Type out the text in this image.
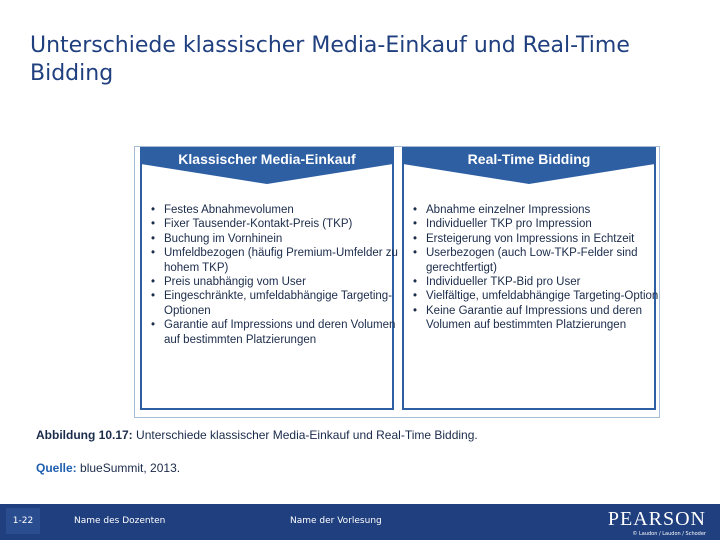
Unterschiede klassischer Media-Einkauf und Real-Time Bidding
Klassischer Media-Einkauf
• Festes Abnahmevolumen
• Fixer Tausender-Kontakt-Preis (TKP)
• Buchung im Vornhinein
• Umfeldbezogen (häufig Premium-Umfelder zu hohem TKP)
• Preis unabhängig vom User
• Eingeschränkte, umfeldabhängige Targeting-Optionen
• Garantie auf Impressions und deren Volumen auf bestimmten Platzierungen
Real-Time Bidding
• Abnahme einzelner Impressions
• Individueller TKP pro Impression
• Ersteigerung von Impressions in Echtzeit
• Userbezogen (auch Low-TKP-Felder sind gerechtfertigt)
• Individueller TKP-Bid pro User
• Vielfältige, umfeldabhängige Targeting-Option
• Keine Garantie auf Impressions und deren Volumen auf bestimmten Platzierungen
Abbildung 10.17: Unterschiede klassischer Media-Einkauf und Real-Time Bidding.
Quelle: blueSummit, 2013.
1-22	Name des Dozenten	Name der Vorlesung	PEARSON
© Laudon / Laudon / Schoder
